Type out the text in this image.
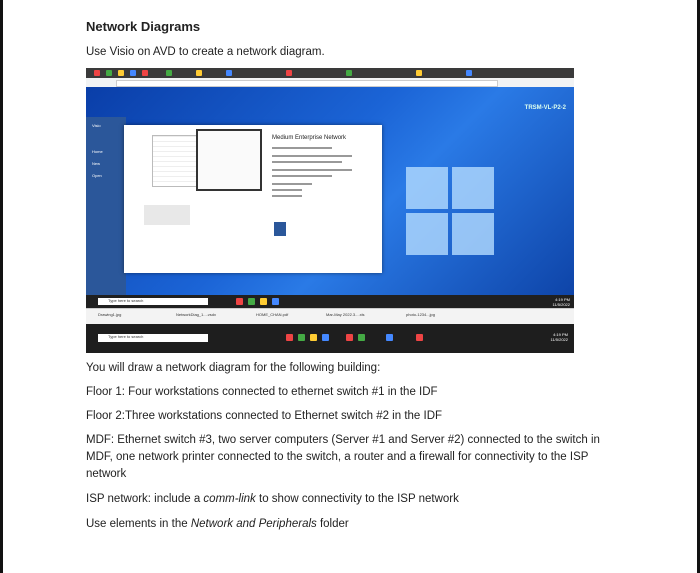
Network Diagrams
Use Visio on AVD to create a network diagram.
TRSM-VL-P2-2
Visio
Home
New
Open
Medium Enterprise Network
Type here to search	4:19 PM
11/5/2022
Drawing1.jpg	NetworkDiag_1....vsdx	HOME_CHAN.pdf	Mar-May 2022.3....xls	photo-1234...jpg
Type here to search	4:19 PM
11/5/2022
You will draw a network diagram for the following building:
Floor 1: Four workstations connected to ethernet switch #1 in the IDF
Floor 2:Three workstations connected to Ethernet switch #2 in the IDF
MDF: Ethernet switch #3, two server computers (Server #1 and Server #2) connected to the switch in MDF, one network printer connected to the switch, a router and a firewall for connectivity to the ISP network
ISP network: include a comm-link to show connectivity to the ISP network
Use elements in the Network and Peripherals folder
